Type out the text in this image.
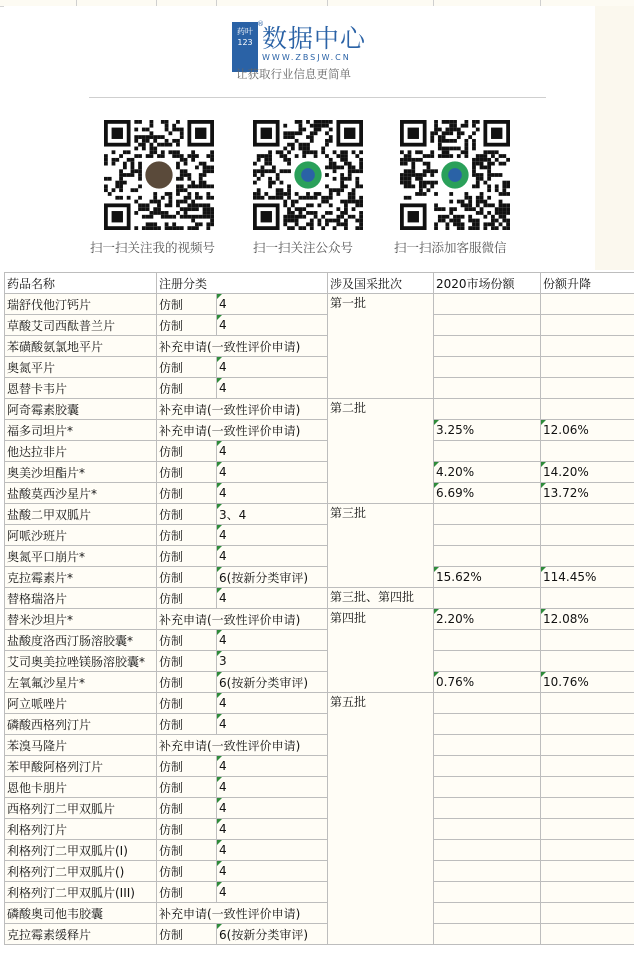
药叶123
®
数据中心
WWW.ZBSJW.CN
让获取行业信息更简单
扫一扫关注我的视频号	扫一扫关注公众号	扫一扫添加客服微信
药品名称	注册分类		涉及国采批次	2020市场份额	份额升降
瑞舒伐他汀钙片	仿制	4	第一批		
草酸艾司西酞普兰片	仿制	4			
苯磺酸氨氯地平片	补充申请(一致性评价申请)				
奥氮平片	仿制	4			
恩替卡韦片	仿制	4			
阿奇霉素胶囊	补充申请(一致性评价申请)		第二批		
福多司坦片*	补充申请(一致性评价申请)			3.25%	12.06%
他达拉非片	仿制	4			
奥美沙坦酯片*	仿制	4		4.20%	14.20%
盐酸莫西沙星片*	仿制	4		6.69%	13.72%
盐酸二甲双胍片	仿制	3、4	第三批		
阿哌沙班片	仿制	4			
奥氮平口崩片*	仿制	4			
克拉霉素片*	仿制	6(按新分类审评)		15.62%	114.45%
替格瑞洛片	仿制	4	第三批、第四批		
替米沙坦片*	补充申请(一致性评价申请)		第四批	2.20%	12.08%
盐酸度洛西汀肠溶胶囊*	仿制	4			
艾司奥美拉唑镁肠溶胶囊*	仿制	3			
左氧氟沙星片*	仿制	6(按新分类审评)		0.76%	10.76%
阿立哌唑片	仿制	4	第五批		
磷酸西格列汀片	仿制	4			
苯溴马隆片	补充申请(一致性评价申请)				
苯甲酸阿格列汀片	仿制	4			
恩他卡朋片	仿制	4			
西格列汀二甲双胍片	仿制	4			
利格列汀片	仿制	4			
利格列汀二甲双胍片(Ⅰ)	仿制	4			
利格列汀二甲双胍片()	仿制	4			
利格列汀二甲双胍片(III)	仿制	4			
磷酸奥司他韦胶囊	补充申请(一致性评价申请)				
克拉霉素缓释片	仿制	6(按新分类审评)			
